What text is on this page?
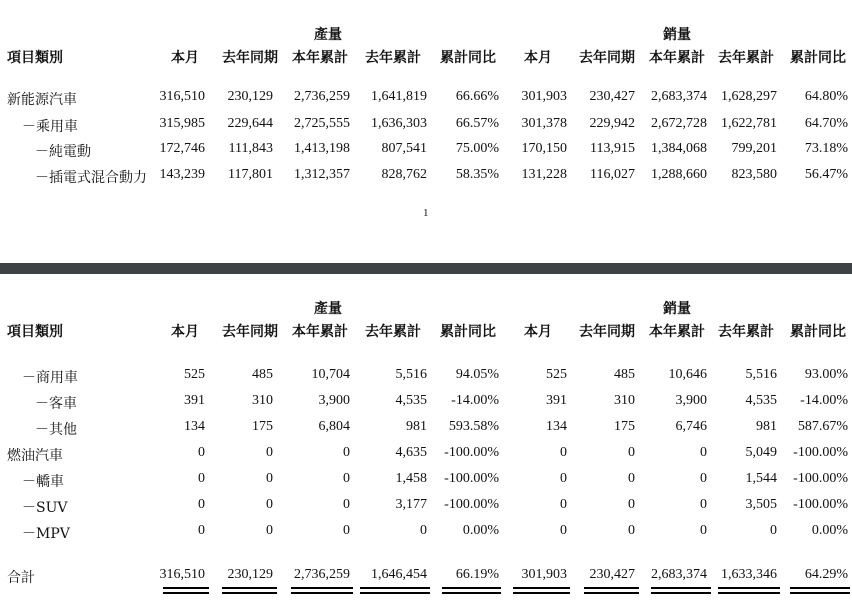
產量	銷量
項目類別	本月 去年同期 本年累計 去年累計 累計同比 本月 去年同期 本年累計 去年累計 累計同比
新能源汽車	316,510 230,129 2,736,259 1,641,819 66.66% 301,903 230,427 2,683,374 1,628,297 64.80%
－乘用車	315,985 229,644 2,725,555 1,636,303 66.57% 301,378 229,942 2,672,728 1,622,781 64.70%
－純電動	172,746 111,843 1,413,198 807,541 75.00% 170,150 113,915 1,384,068 799,201 73.18%
－插電式混合動力 143,239 117,801 1,312,357 828,762 58.35% 131,228 116,027 1,288,660 823,580 56.47%
1
產量	銷量
項目類別	本月 去年同期 本年累計 去年累計 累計同比 本月 去年同期 本年累計 去年累計 累計同比
－商用車	525	485	10,704	5,516 94.05%	525	485 10,646	5,516 93.00%
－客車	391	310	3,900	4,535 -14.00%	391	310	3,900	4,535 -14.00%
－其他	134	175	6,804	981 593.58%	134	175	6,746	981 587.67%
燃油汽車	0	0	0	4,635 -100.00%	0	0	0	5,049 -100.00%
－轎車	0	0	0	1,458 -100.00%	0	0	0	1,544 -100.00%
－SUV	0	0	0	3,177 -100.00%	0	0	0	3,505 -100.00%
－MPV	0	0	0	0	0.00%	0	0	0	0 0.00%
合計	316,510 230,129 2,736,259 1,646,454 66.19% 301,903 230,427 2,683,374 1,633,346 64.29%
